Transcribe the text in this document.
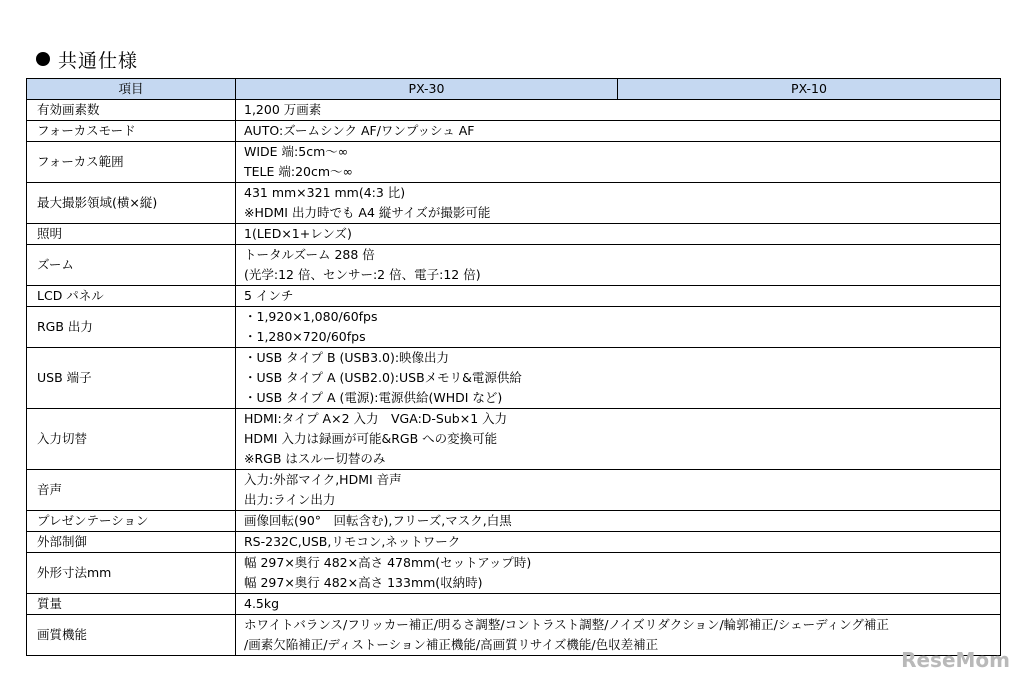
共通仕様
項目	PX-30	PX-10
有効画素数	1,200 万画素	

フォーカスモード	AUTO:ズームシンク AF/ワンプッシュ AF	

フォーカス範囲	WIDE 端:5cm～∞
TELE 端:20cm～∞	

最大撮影領域(横×縦)	431 mm×321 mm(4:3 比)
※HDMI 出力時でも A4 縦サイズが撮影可能	

照明	1(LED×1+レンズ)	

ズーム	トータルズーム 288 倍
(光学:12 倍、センサー:2 倍、電子:12 倍)	

LCD パネル	5 インチ	

RGB 出力	・1,920×1,080/60fps
・1,280×720/60fps	

USB 端子	・USB タイプ B (USB3.0):映像出力
・USB タイプ A (USB2.0):USBメモリ&電源供給
・USB タイプ A (電源):電源供給(WHDI など)	

入力切替	HDMI:タイプ A×2 入力　VGA:D-Sub×1 入力
HDMI 入力は録画が可能&RGB への変換可能
※RGB はスルー切替のみ	

音声	入力:外部マイク,HDMI 音声
出力:ライン出力	

プレゼンテーション	画像回転(90°　回転含む),フリーズ,マスク,白黒	

外部制御	RS-232C,USB,リモコン,ネットワーク	

外形寸法mm	幅 297×奥行 482×高さ 478mm(セットアップ時)
幅 297×奥行 482×高さ 133mm(収納時)	

質量	4.5kg	

画質機能	ホワイトバランス/フリッカー補正/明るさ調整/コントラスト調整/ノイズリダクション/輪郭補正/シェーディング補正
/画素欠陥補正/ディストーション補正機能/高画質リサイズ機能/色収差補正	
ReseMom
